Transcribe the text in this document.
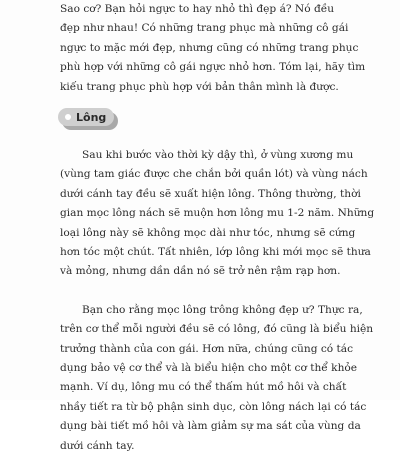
Sao cơ? Bạn hỏi ngực to hay nhỏ thì đẹp á? Nó đều
đẹp như nhau! Có những trang phục mà những cô gái
ngực to mặc mới đẹp, nhưng cũng có những trang phục
phù hợp với những cô gái ngực nhỏ hơn. Tóm lại, hãy tìm
kiếu trang phục phù hợp với bản thân mình là được.
Lông
Sau khi bước vào thời kỳ dậy thì, ở vùng xương mu
(vùng tam giác được che chắn bởi quần lót) và vùng nách
dưới cánh tay đều sẽ xuất hiện lông. Thông thường, thời
gian mọc lông nách sẽ muộn hơn lông mu 1-2 năm. Những
loại lông này sẽ không mọc dài như tóc, nhưng sẽ cứng
hơn tóc một chút. Tất nhiên, lớp lông khi mới mọc sẽ thưa
và mỏng, nhưng dần dần nó sẽ trở nên rậm rạp hơn.
Bạn cho rằng mọc lông trông không đẹp ư? Thực ra,
trên cơ thể mỗi người đều sẽ có lông, đó cũng là biểu hiện
trưởng thành của con gái. Hơn nữa, chúng cũng có tác
dụng bảo vệ cơ thể và là biểu hiện cho một cơ thể khỏe
mạnh. Ví dụ, lông mu có thể thấm hút mồ hôi và chất
nhầy tiết ra từ bộ phận sinh dục, còn lông nách lại có tác
dụng bài tiết mồ hôi và làm giảm sự ma sát của vùng da
dưới cánh tay.
